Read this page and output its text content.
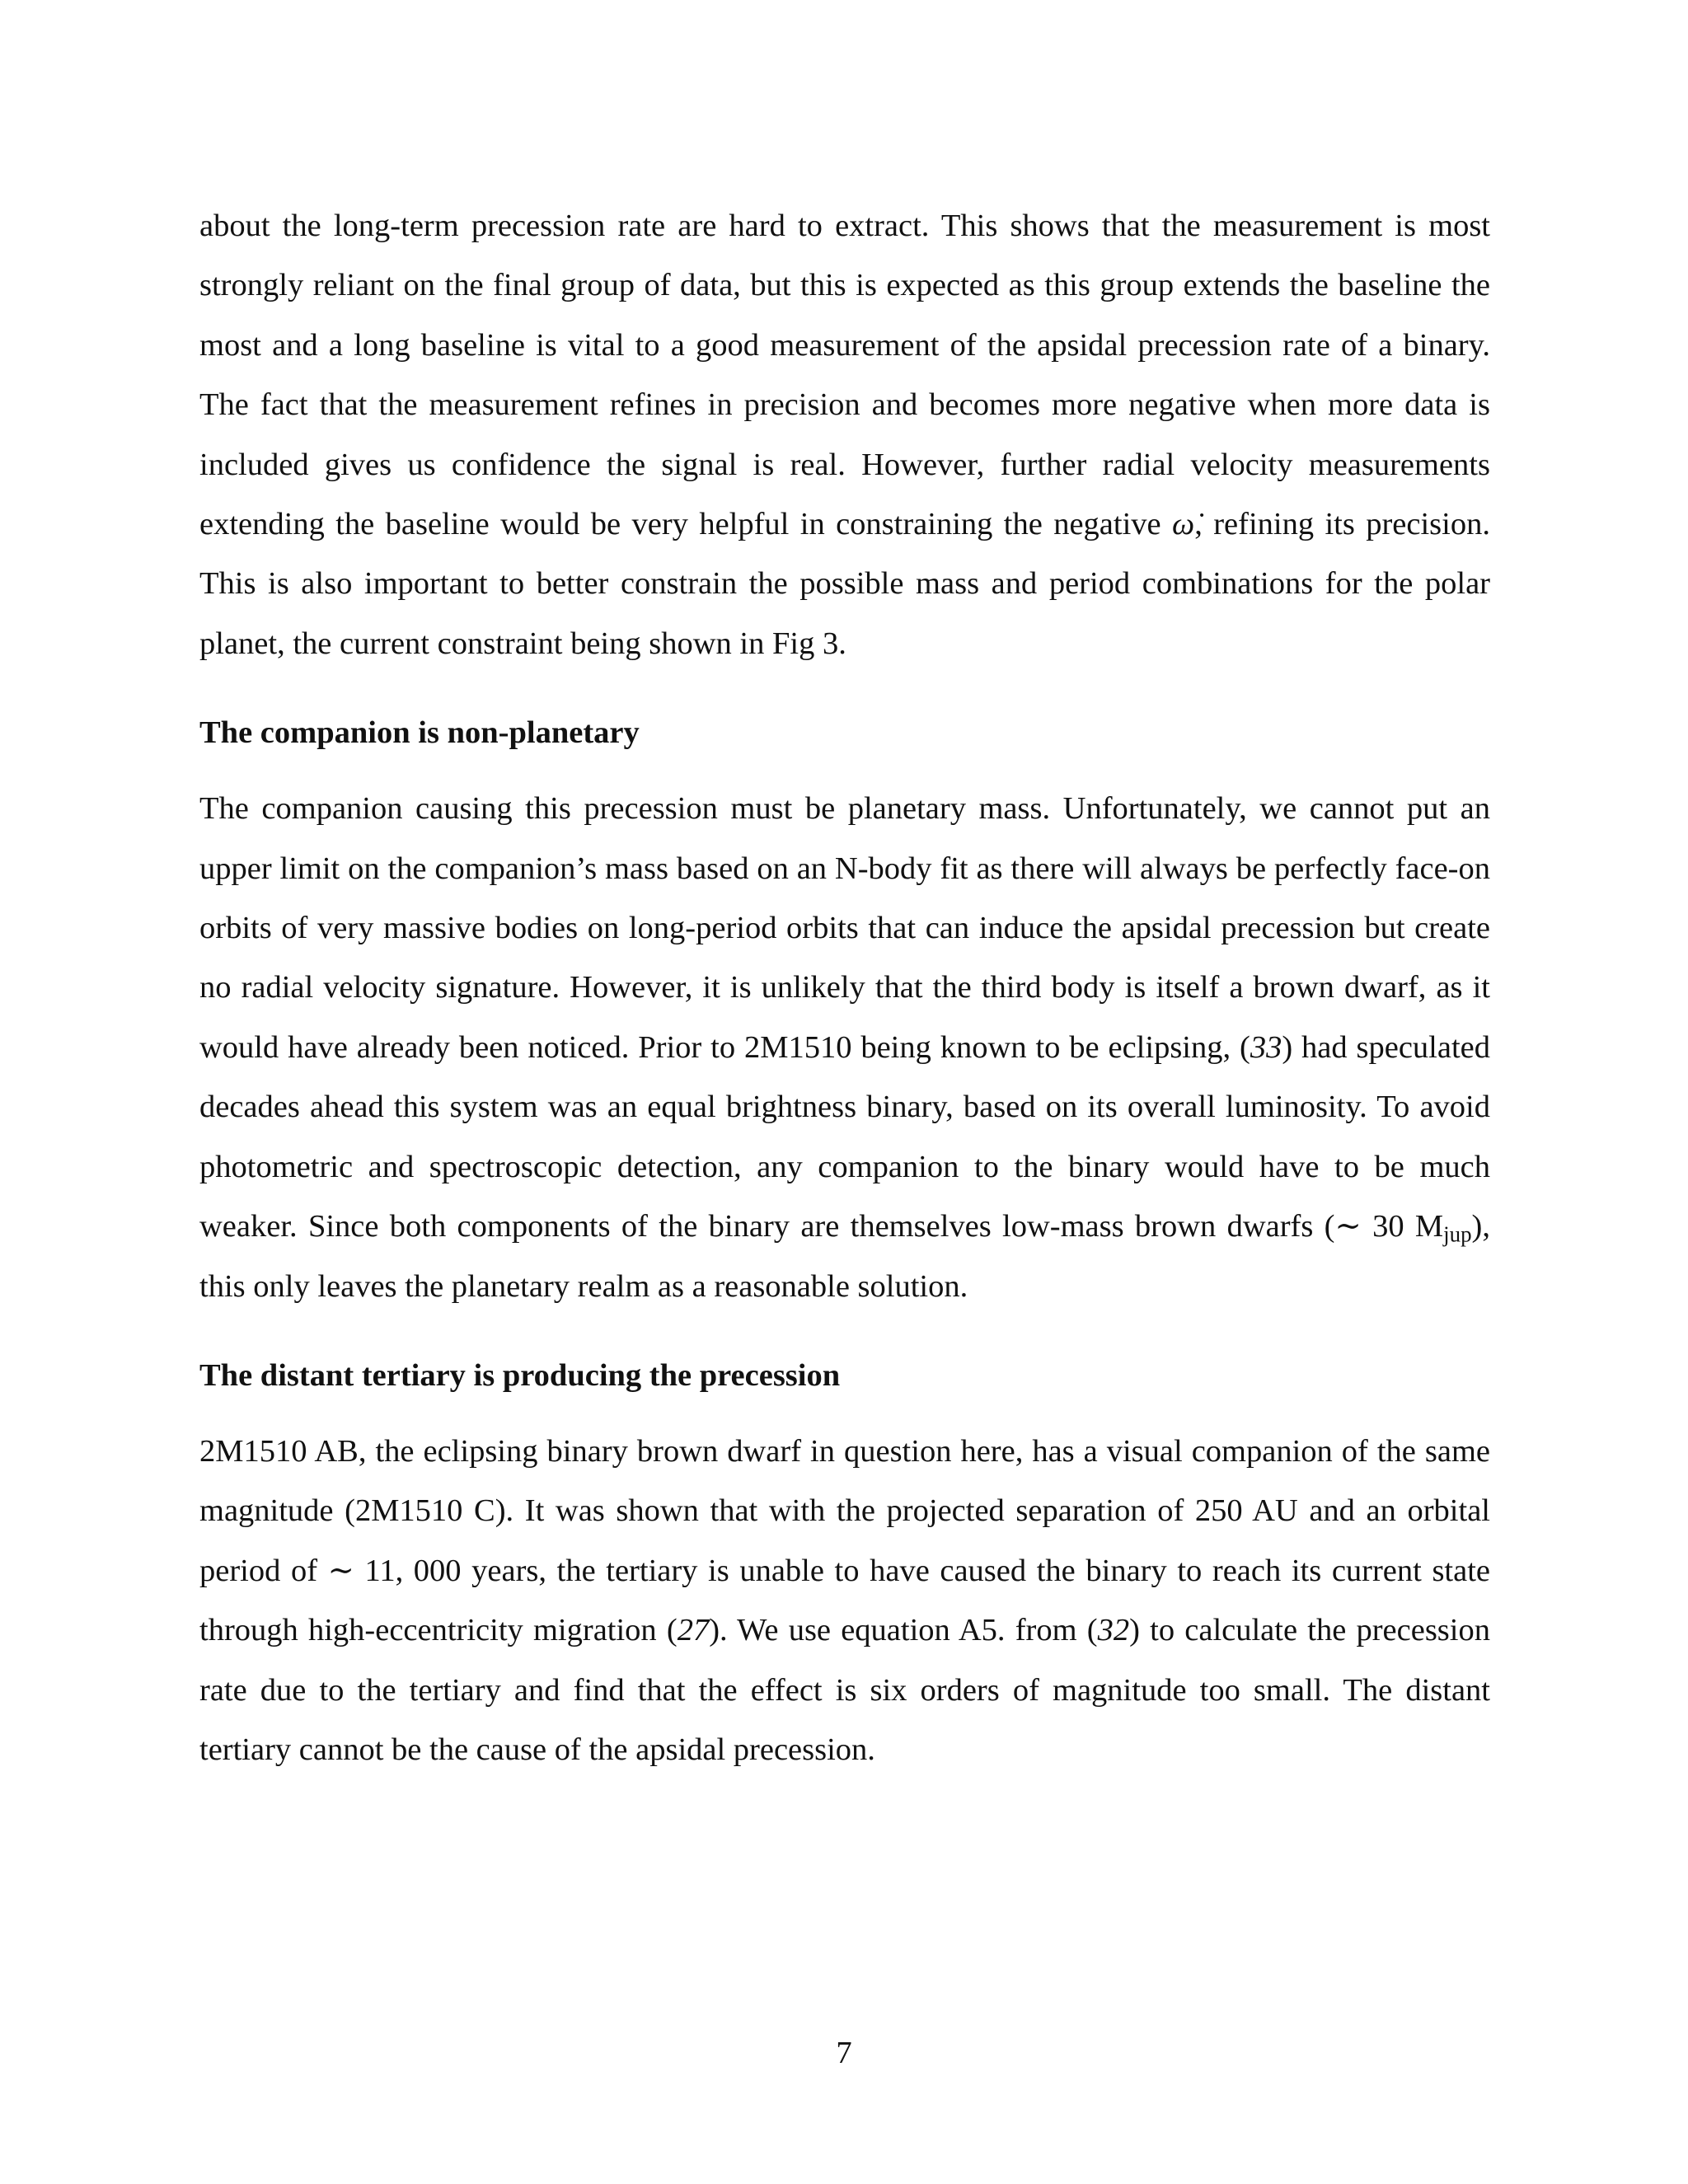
about the long-term precession rate are hard to extract. This shows that the measurement is most strongly reliant on the final group of data, but this is expected as this group extends the baseline the most and a long baseline is vital to a good measurement of the apsidal precession rate of a binary. The fact that the measurement refines in precision and becomes more negative when more data is included gives us confidence the signal is real. However, further radial velocity measurements extending the baseline would be very helpful in constraining the negative ω̇, refining its precision. This is also important to better constrain the possible mass and period combinations for the polar planet, the current constraint being shown in Fig 3.

The companion is non-planetary

The companion causing this precession must be planetary mass. Unfortunately, we cannot put an upper limit on the companion’s mass based on an N-body fit as there will always be perfectly face-on orbits of very massive bodies on long-period orbits that can induce the apsidal precession but create no radial velocity signature. However, it is unlikely that the third body is itself a brown dwarf, as it would have already been noticed. Prior to 2M1510 being known to be eclipsing, (33) had speculated decades ahead this system was an equal brightness binary, based on its overall luminosity. To avoid photometric and spectroscopic detection, any companion to the binary would have to be much weaker. Since both components of the binary are themselves low-mass brown dwarfs (∼ 30 $M_{jup}$), this only leaves the planetary realm as a reasonable solution.

The distant tertiary is producing the precession

2M1510 AB, the eclipsing binary brown dwarf in question here, has a visual companion of the same magnitude (2M1510 C). It was shown that with the projected separation of 250 AU and an orbital period of ∼ 11, 000 years, the tertiary is unable to have caused the binary to reach its current state through high-eccentricity migration (27). We use equation A5. from (32) to calculate the precession rate due to the tertiary and find that the effect is six orders of magnitude too small. The distant tertiary cannot be the cause of the apsidal precession.

7
